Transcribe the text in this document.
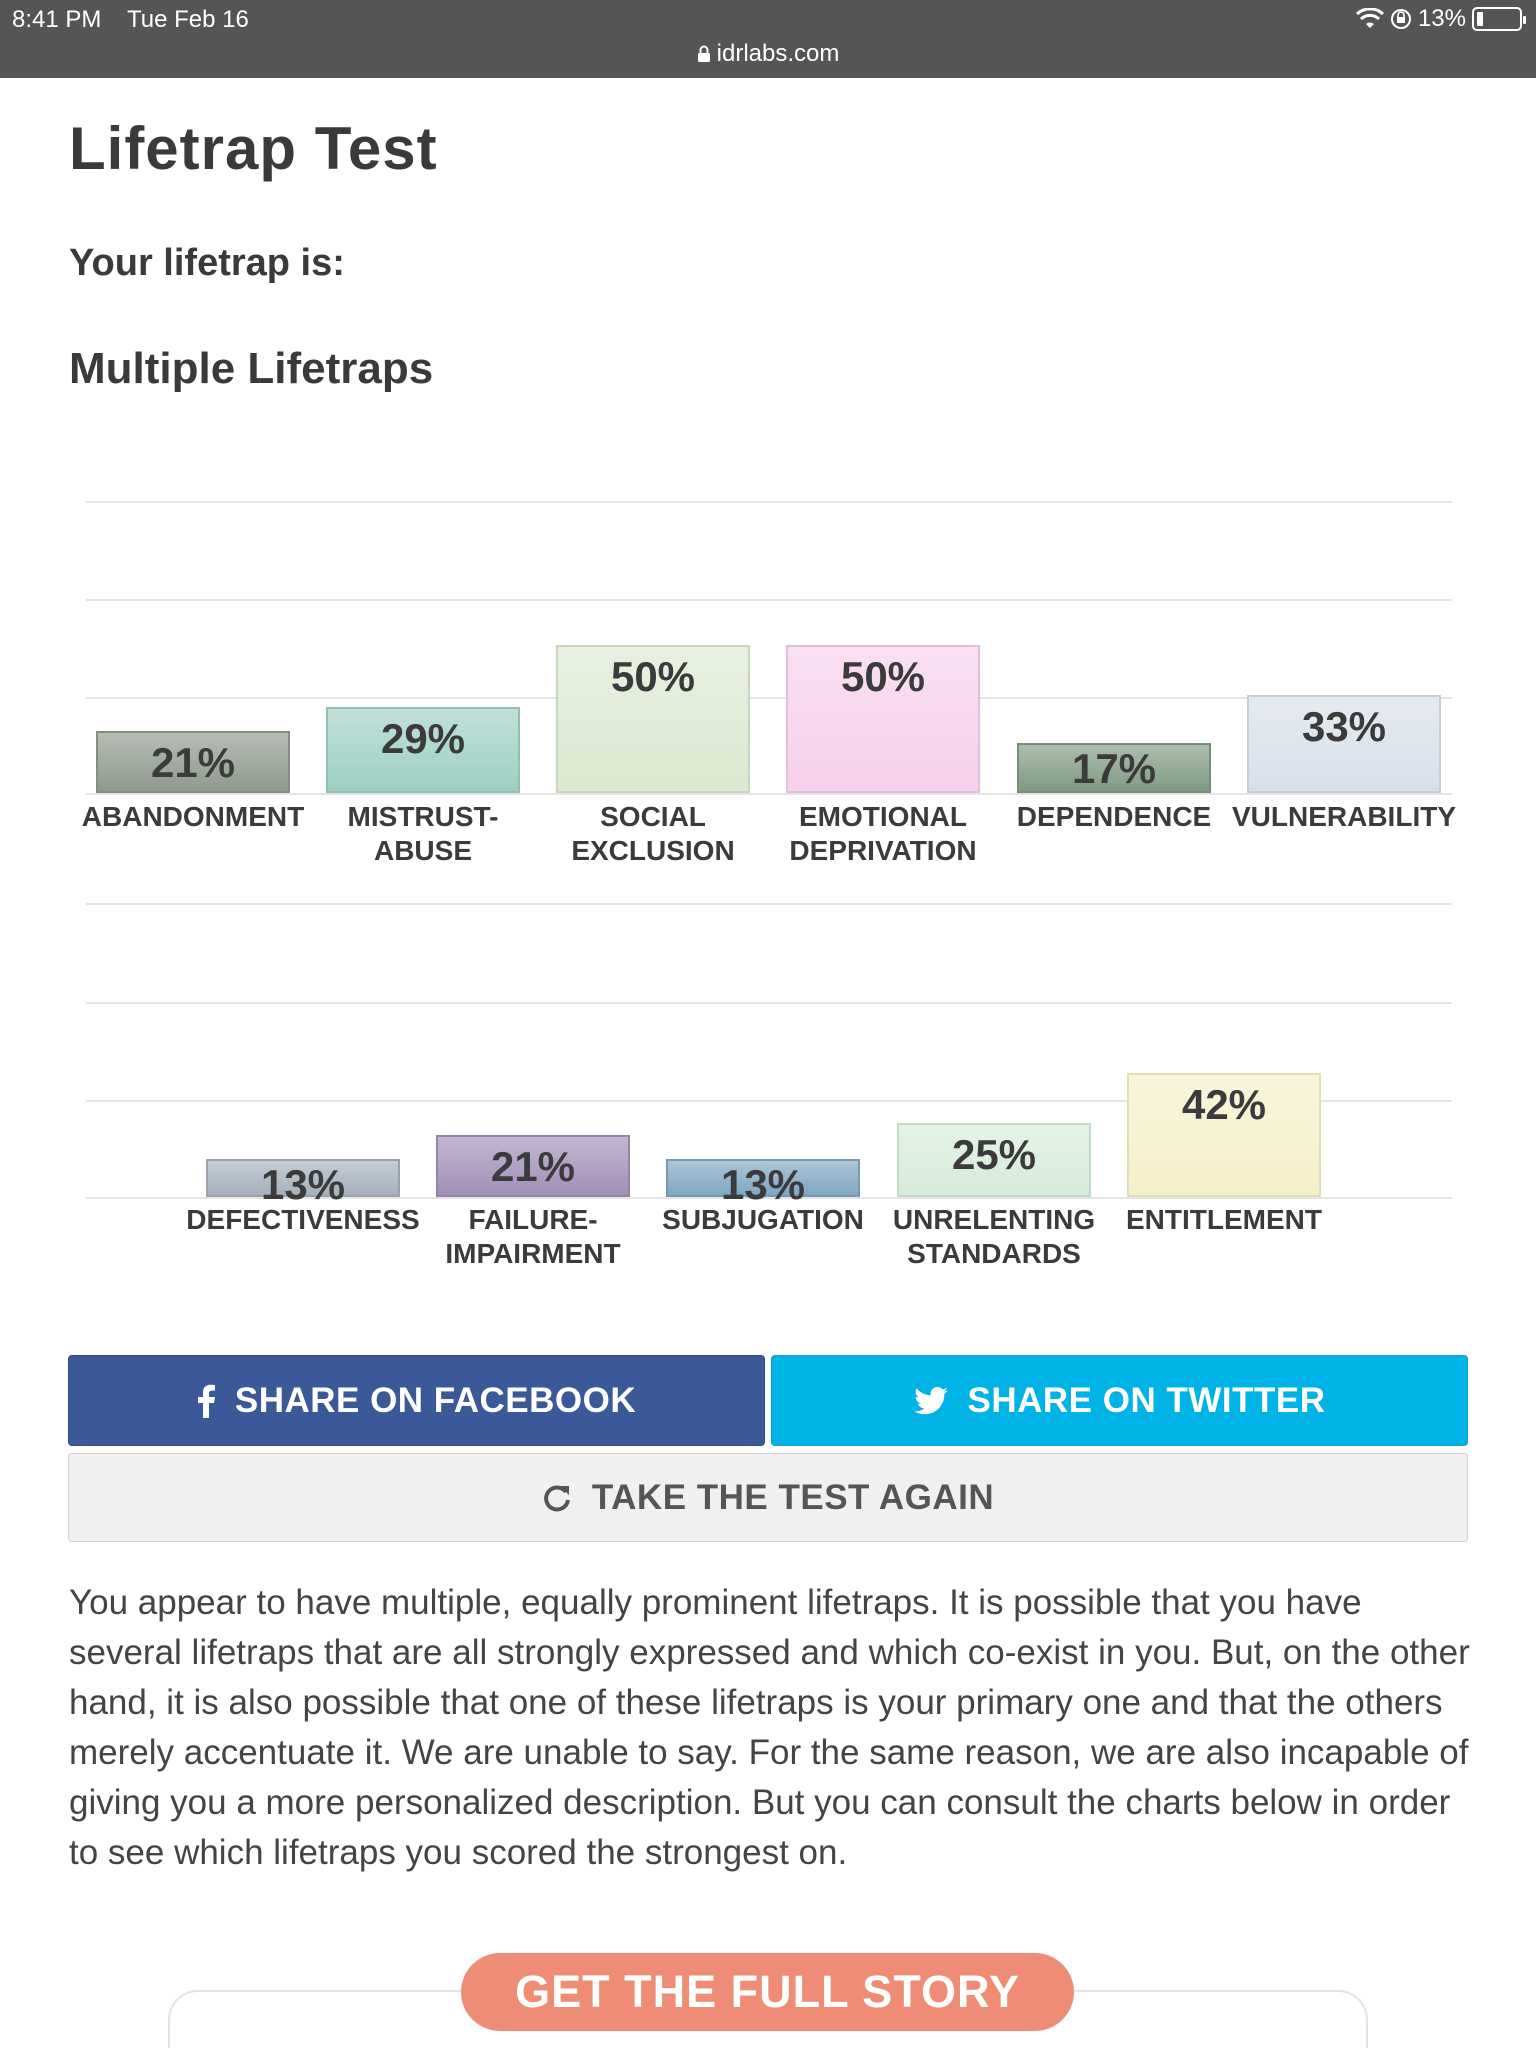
8:41 PM Tue Feb 16	13%
idrlabs.com
Lifetrap Test
Your lifetrap is:
Multiple Lifetraps
21%
ABANDONMENT
29%
MISTRUST-
ABUSE
50%
SOCIAL
EXCLUSION
50%
EMOTIONAL
DEPRIVATION
17%
DEPENDENCE
33%
VULNERABILITY
13%
DEFECTIVENESS
21%
FAILURE-
IMPAIRMENT
13%
SUBJUGATION
25%
UNRELENTING
STANDARDS
42%
ENTITLEMENT
SHARE ON FACEBOOK	SHARE ON TWITTER
TAKE THE TEST AGAIN

You appear to have multiple, equally prominent lifetraps. It is possible that you have several lifetraps that are all strongly expressed and which co-exist in you. But, on the other hand, it is also possible that one of these lifetraps is your primary one and that the others merely accentuate it. We are unable to say. For the same reason, we are also incapable of giving you a more personalized description. But you can consult the charts below in order to see which lifetraps you scored the strongest on.

GET THE FULL STORY
